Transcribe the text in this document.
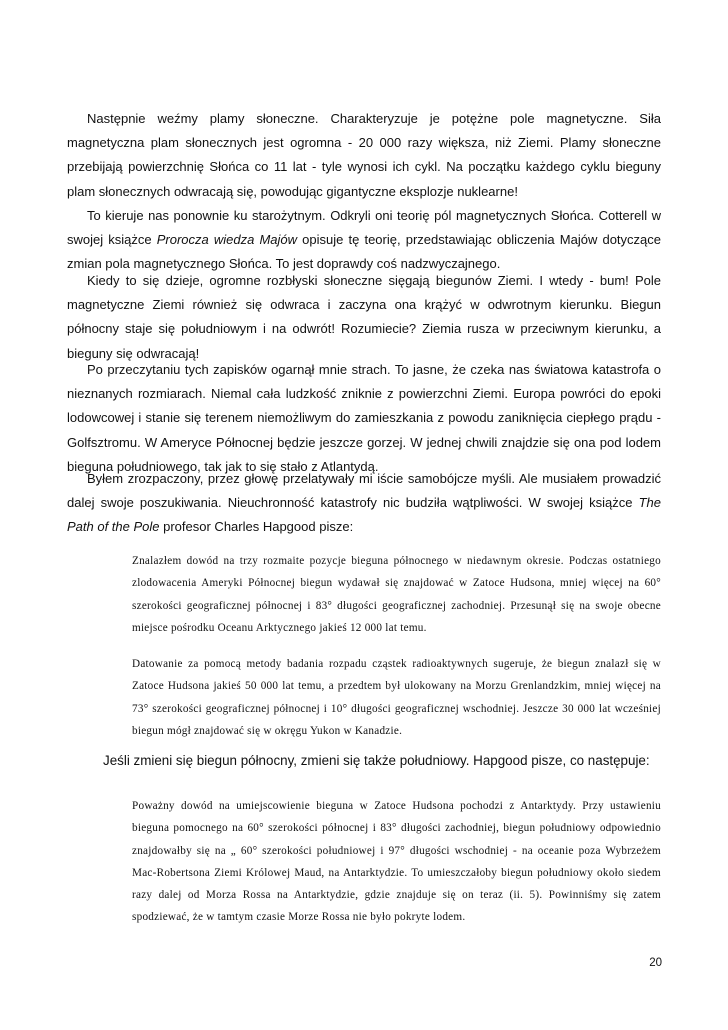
Następnie weźmy plamy słoneczne. Charakteryzuje je potężne pole magnetyczne. Siła magnetyczna plam słonecznych jest ogromna - 20 000 razy większa, niż Ziemi. Plamy słoneczne przebijają powierzchnię Słońca co 11 lat - tyle wynosi ich cykl. Na początku każdego cyklu bieguny plam słonecznych odwracają się, powodując gigantyczne eksplozje nuklearne!

To kieruje nas ponownie ku starożytnym. Odkryli oni teorię pól magnetycznych Słońca. Cotterell w swojej książce Prorocza wiedza Majów opisuje tę teorię, przedstawiając obliczenia Majów dotyczące zmian pola magnetycznego Słońca. To jest doprawdy coś nadzwyczajnego.

Kiedy to się dzieje, ogromne rozbłyski słoneczne sięgają biegunów Ziemi. I wtedy - bum! Pole magnetyczne Ziemi również się odwraca i zaczyna ona krążyć w odwrotnym kierunku. Biegun północny staje się południowym i na odwrót! Rozumiecie? Ziemia rusza w przeciwnym kierunku, a bieguny się odwracają!

Po przeczytaniu tych zapisków ogarnął mnie strach. To jasne, że czeka nas światowa katastrofa o nieznanych rozmiarach. Niemal cała ludzkość zniknie z powierzchni Ziemi. Europa powróci do epoki lodowcowej i stanie się terenem niemożliwym do zamieszkania z powodu zaniknięcia ciepłego prądu - Golfsztromu. W Ameryce Północnej będzie jeszcze gorzej. W jednej chwili znajdzie się ona pod lodem bieguna południowego, tak jak to się stało z Atlantydą.

Byłem zrozpaczony, przez głowę przelatywały mi iście samobójcze myśli. Ale musiałem prowadzić dalej swoje poszukiwania. Nieuchronność katastrofy nic budziła wątpliwości. W swojej książce The Path of the Pole profesor Charles Hapgood pisze:

Znalazłem dowód na trzy rozmaite pozycje bieguna północnego w niedawnym okresie. Podczas ostatniego zlodowacenia Ameryki Północnej biegun wydawał się znajdować w Zatoce Hudsona, mniej więcej na 60° szerokości geograficznej północnej i 83° długości geograficznej zachodniej. Przesunął się na swoje obecne miejsce pośrodku Oceanu Arktycznego jakieś 12 000 lat temu.

Datowanie za pomocą metody badania rozpadu cząstek radioaktywnych sugeruje, że biegun znalazł się w Zatoce Hudsona jakieś 50 000 lat temu, a przedtem był ulokowany na Morzu Grenlandzkim, mniej więcej na 73° szerokości geograficznej północnej i 10° długości geograficznej wschodniej. Jeszcze 30 000 lat wcześniej biegun mógł znajdować się w okręgu Yukon w Kanadzie.

Jeśli zmieni się biegun północny, zmieni się także południowy. Hapgood pisze, co następuje:

Poważny dowód na umiejscowienie bieguna w Zatoce Hudsona pochodzi z Antarktydy. Przy ustawieniu bieguna pomocnego na 60° szerokości północnej i 83° długości zachodniej, biegun południowy odpowiednio znajdowałby się na „ 60° szerokości południowej i 97° długości wschodniej - na oceanie poza Wybrzeżem Mac-Robertsona Ziemi Królowej Maud, na Antarktydzie. To umieszczałoby biegun południowy około siedem razy dalej od Morza Rossa na Antarktydzie, gdzie znajduje się on teraz (ii. 5). Powinniśmy się zatem spodziewać, że w tamtym czasie Morze Rossa nie było pokryte lodem.

20
